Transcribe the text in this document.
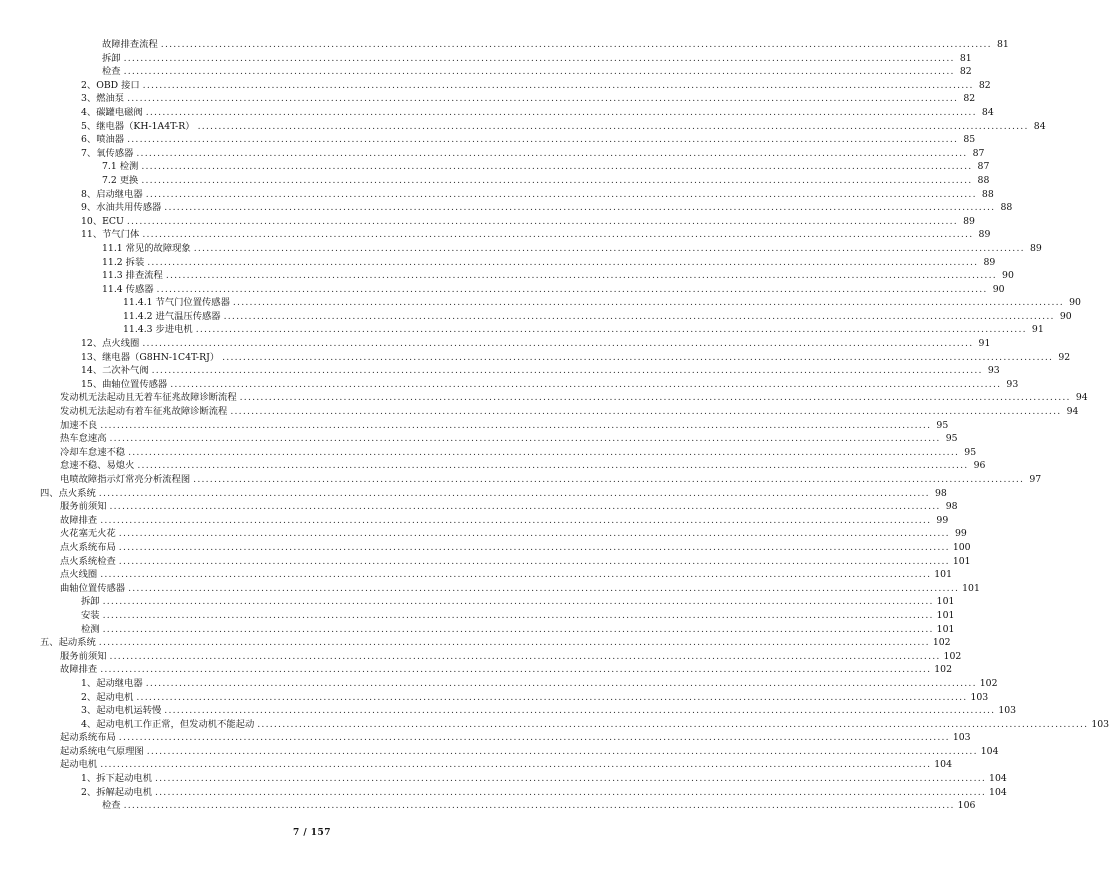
故障排查流程 ........................................................................................................................................................................................................ 81
拆卸 ........................................................................................................................................................................................................ 81
检查 ........................................................................................................................................................................................................ 82
2、OBD 接口 ........................................................................................................................................................................................................ 82
3、燃油泵 ........................................................................................................................................................................................................ 82
4、碳罐电磁阀 ........................................................................................................................................................................................................ 84
5、继电器（KH-1A4T-R） ........................................................................................................................................................................................................ 84
6、喷油器 ........................................................................................................................................................................................................ 85
7、氧传感器 ........................................................................................................................................................................................................ 87
7.1 检测 ........................................................................................................................................................................................................ 87
7.2 更换 ........................................................................................................................................................................................................ 88
8、启动继电器 ........................................................................................................................................................................................................ 88
9、水油共用传感器 ........................................................................................................................................................................................................ 88
10、ECU ........................................................................................................................................................................................................ 89
11、节气门体 ........................................................................................................................................................................................................ 89
11.1 常见的故障现象 ........................................................................................................................................................................................................ 89
11.2 拆装 ........................................................................................................................................................................................................ 89
11.3 排查流程 ........................................................................................................................................................................................................ 90
11.4 传感器 ........................................................................................................................................................................................................ 90
11.4.1 节气门位置传感器 ........................................................................................................................................................................................................ 90
11.4.2 进气温压传感器 ........................................................................................................................................................................................................ 90
11.4.3 步进电机 ........................................................................................................................................................................................................ 91
12、点火线圈 ........................................................................................................................................................................................................ 91
13、继电器（G8HN-1C4T-RJ） ........................................................................................................................................................................................................ 92
14、二次补气阀 ........................................................................................................................................................................................................ 93
15、曲轴位置传感器 ........................................................................................................................................................................................................ 93
发动机无法起动且无着车征兆故障诊断流程 ........................................................................................................................................................................................................ 94
发动机无法起动有着车征兆故障诊断流程 ........................................................................................................................................................................................................ 94
加速不良 ........................................................................................................................................................................................................ 95
热车怠速高 ........................................................................................................................................................................................................ 95
冷却车怠速不稳 ........................................................................................................................................................................................................ 95
怠速不稳、易熄火 ........................................................................................................................................................................................................ 96
电喷故障指示灯常亮分析流程图 ........................................................................................................................................................................................................ 97
四、点火系统 ........................................................................................................................................................................................................ 98
服务前须知 ........................................................................................................................................................................................................ 98
故障排查 ........................................................................................................................................................................................................ 99
火花塞无火花 ........................................................................................................................................................................................................ 99
点火系统布局 ........................................................................................................................................................................................................ 100
点火系统检查 ........................................................................................................................................................................................................ 101
点火线圈 ........................................................................................................................................................................................................ 101
曲轴位置传感器 ........................................................................................................................................................................................................ 101
拆卸 ........................................................................................................................................................................................................ 101
安装 ........................................................................................................................................................................................................ 101
检测 ........................................................................................................................................................................................................ 101
五、起动系统 ........................................................................................................................................................................................................ 102
服务前须知 ........................................................................................................................................................................................................ 102
故障排查 ........................................................................................................................................................................................................ 102
1、起动继电器 ........................................................................................................................................................................................................ 102
2、起动电机 ........................................................................................................................................................................................................ 103
3、起动电机运转慢 ........................................................................................................................................................................................................ 103
4、起动电机工作正常，但发动机不能起动 ........................................................................................................................................................................................................ 103
起动系统布局 ........................................................................................................................................................................................................ 103
起动系统电气原理图 ........................................................................................................................................................................................................ 104
起动电机 ........................................................................................................................................................................................................ 104
1、拆下起动电机 ........................................................................................................................................................................................................ 104
2、拆解起动电机 ........................................................................................................................................................................................................ 104
检查 ........................................................................................................................................................................................................ 106
7 / 157
